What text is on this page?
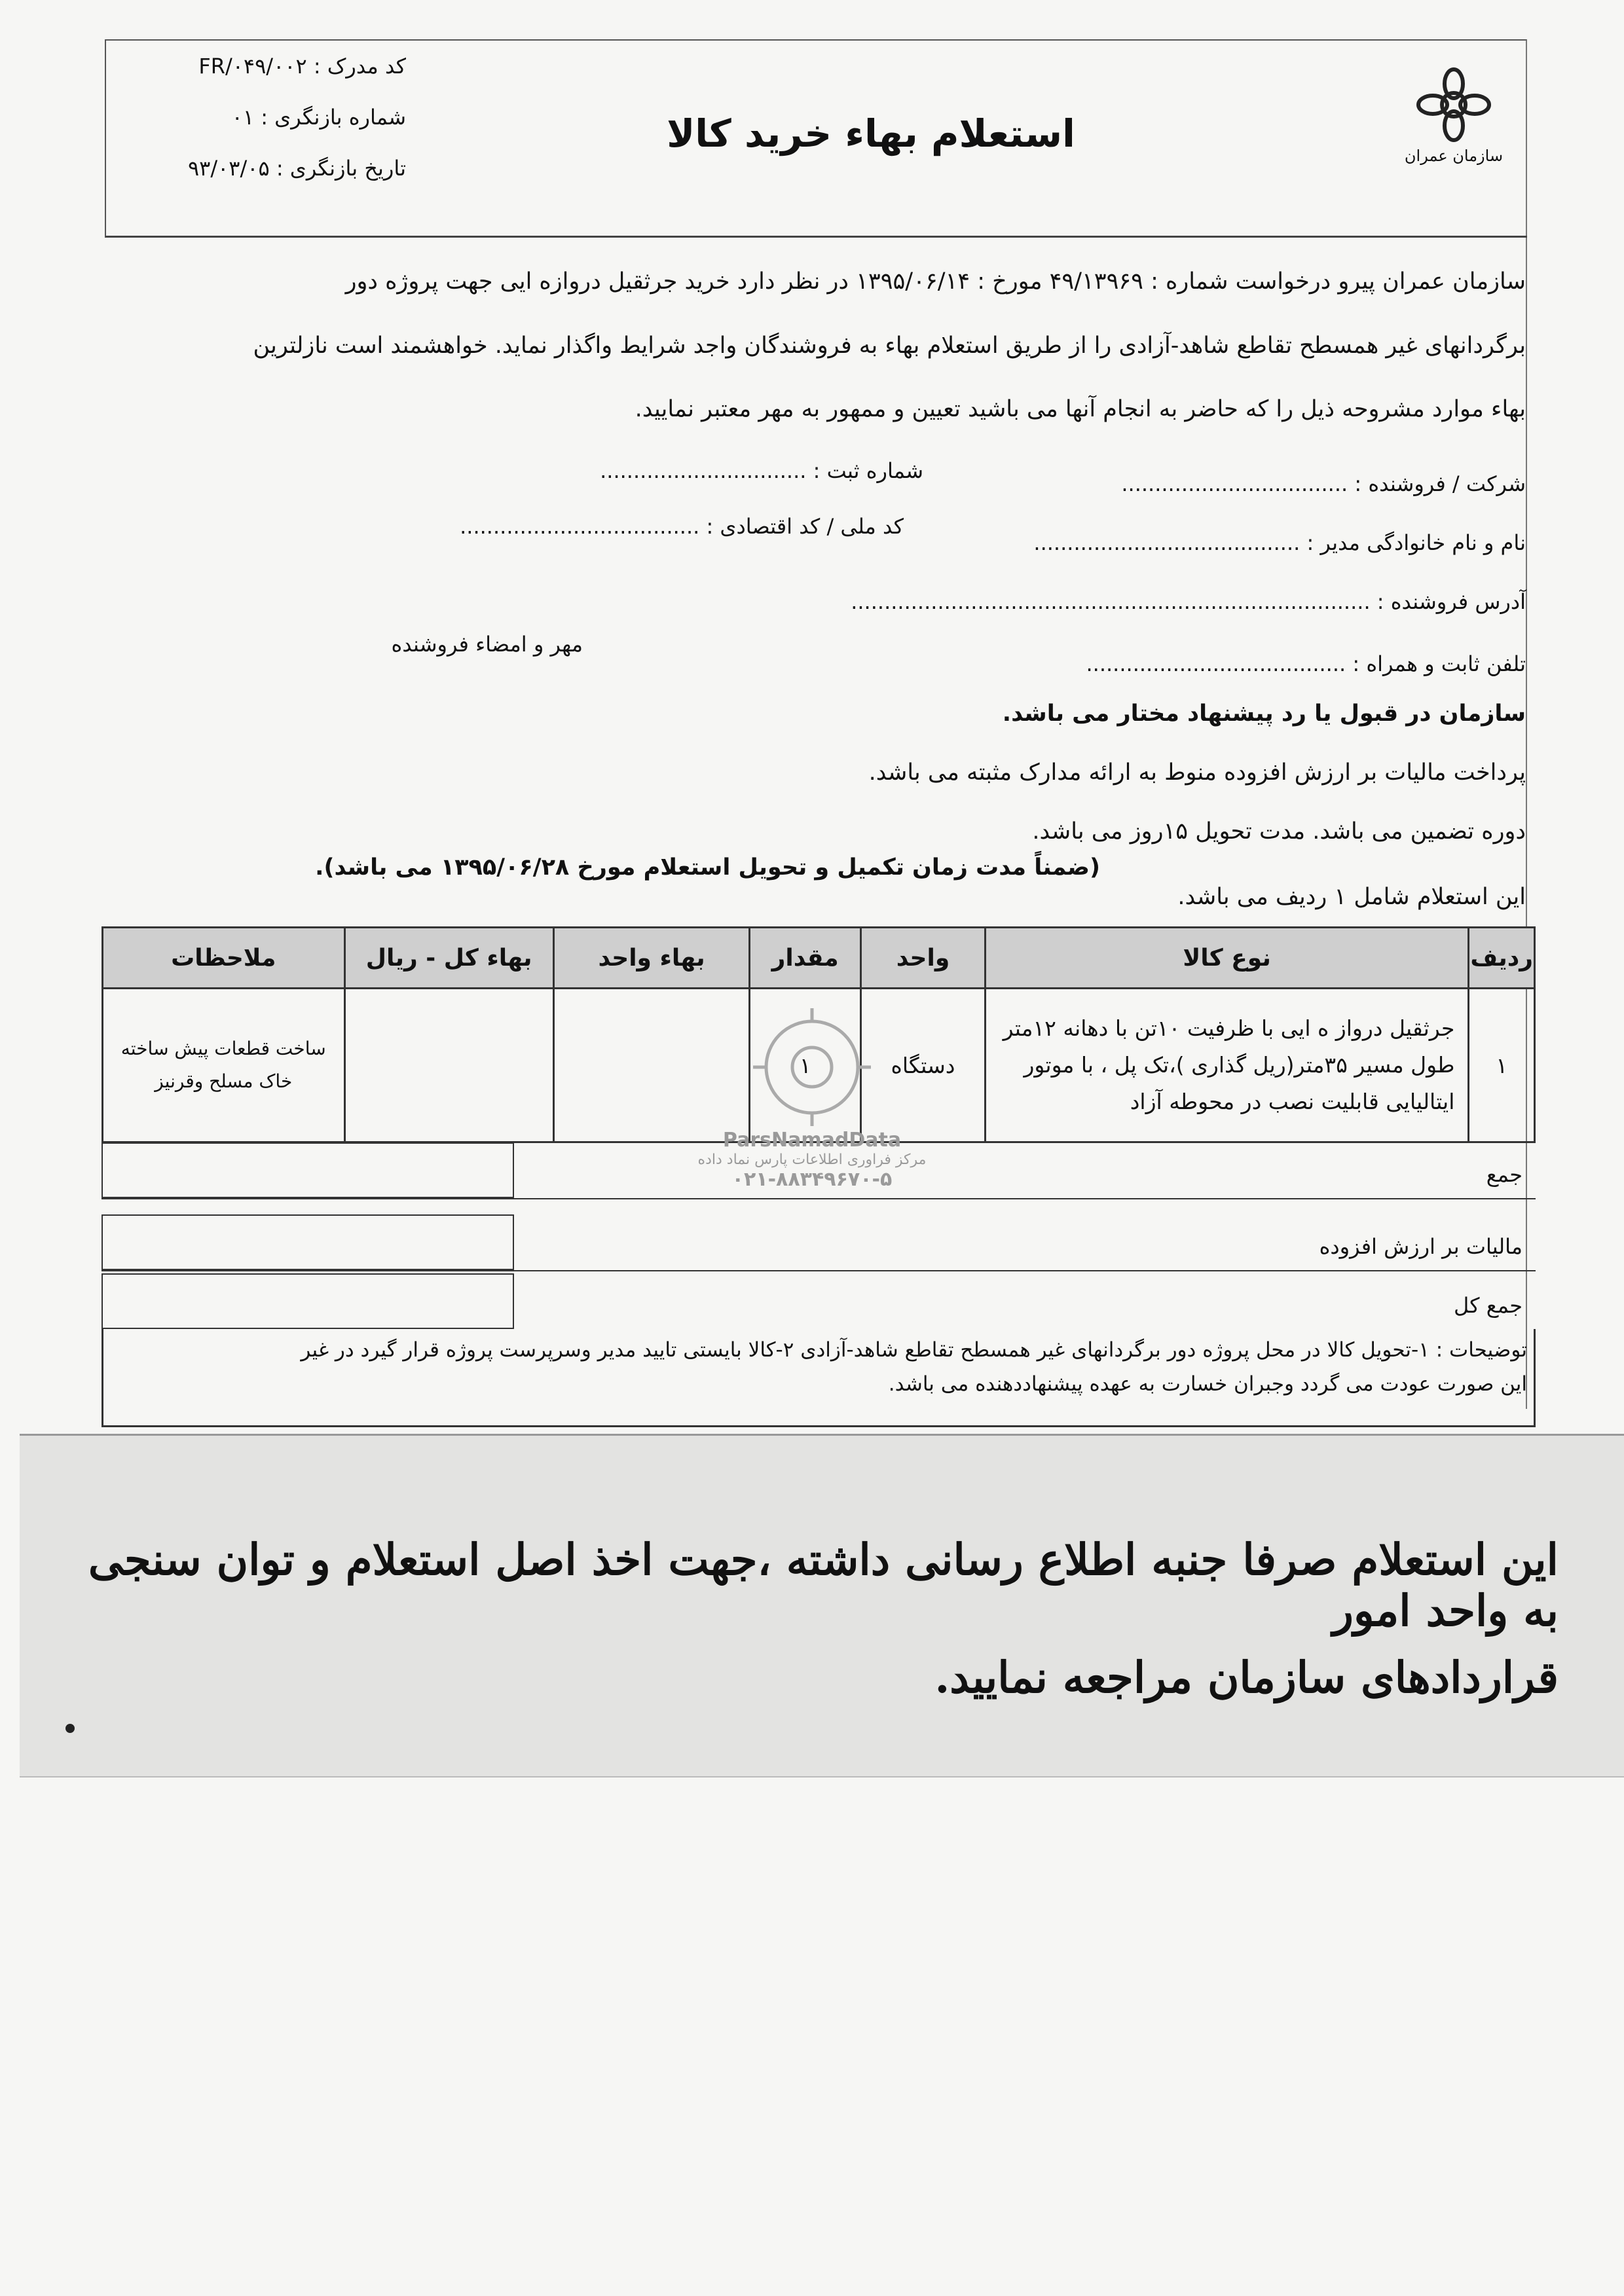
کد مدرک : FR/۰۴۹/۰۰۲
شماره بازنگری : ۰۱
تاریخ بازنگری : ۹۳/۰۳/۰۵
استعلام بهاء خرید کالا	سازمان عمران
سازمان عمران پیرو درخواست شماره : ۴۹/۱۳۹۶۹ مورخ : ۱۳۹۵/۰۶/۱۴ در نظر دارد خرید جرثقیل دروازه ایی جهت پروژه دور
برگردانهای غیر همسطح تقاطع شاهد-آزادی را از طریق استعلام بهاء به فروشندگان واجد شرایط واگذار نماید. خواهشمند است نازلترین
بهاء موارد مشروحه ذیل را که حاضر به انجام آنها می باشید تعیین و ممهور به مهر معتبر نمایید.
شرکت / فروشنده : ..................................
شماره ثبت : ...............................
نام و نام خانوادگی مدیر : ........................................
کد ملی / کد اقتصادی : ....................................
آدرس فروشنده : ..............................................................................
مهر و امضاء فروشنده
تلفن ثابت و همراه : .......................................
سازمان در قبول یا رد پیشنهاد مختار می باشد.
پرداخت مالیات بر ارزش افزوده منوط به ارائه مدارک مثبته می باشد.
دوره تضمین می باشد. مدت تحویل ۱۵روز می باشد.
این استعلام شامل ۱ ردیف می باشد.
(ضمناً مدت زمان تکمیل و تحویل استعلام مورخ ۱۳۹۵/۰۶/۲۸ می باشد).
ردیف	نوع کالا	واحد	مقدار	بهاء واحد	بهاء کل - ریال	ملاحظات
۱	جرثقیل درواز ه ایی با ظرفیت ۱۰تن با دهانه ۱۲متر طول مسیر ۳۵متر(ریل گذاری )،تک پل ، با موتور ایتالیایی قابلیت نصب در محوطه آزاد	دستگاه	۱			ساخت قطعات پیش ساخته خاک مسلح وقرنیز
جمع
مالیات بر ارزش افزوده
جمع کل
توضیحات : ۱-تحویل کالا در محل پروژه دور برگردانهای غیر همسطح تقاطع شاهد-آزادی ۲-کالا بایستی تایید مدیر وسرپرست پروژه قرار گیرد در غیر
این صورت عودت می گردد وجبران خسارت به عهده پیشنهاددهنده می باشد.
ParsNamadData
مرکز فراوری اطلاعات پارس نماد داده
۰۲۱-۸۸۳۴۹۶۷۰-۵
این استعلام صرفا جنبه اطلاع رسانی داشته ،جهت اخذ اصل استعلام و توان سنجی به واحد امور
قراردادهای سازمان مراجعه نمایید.
